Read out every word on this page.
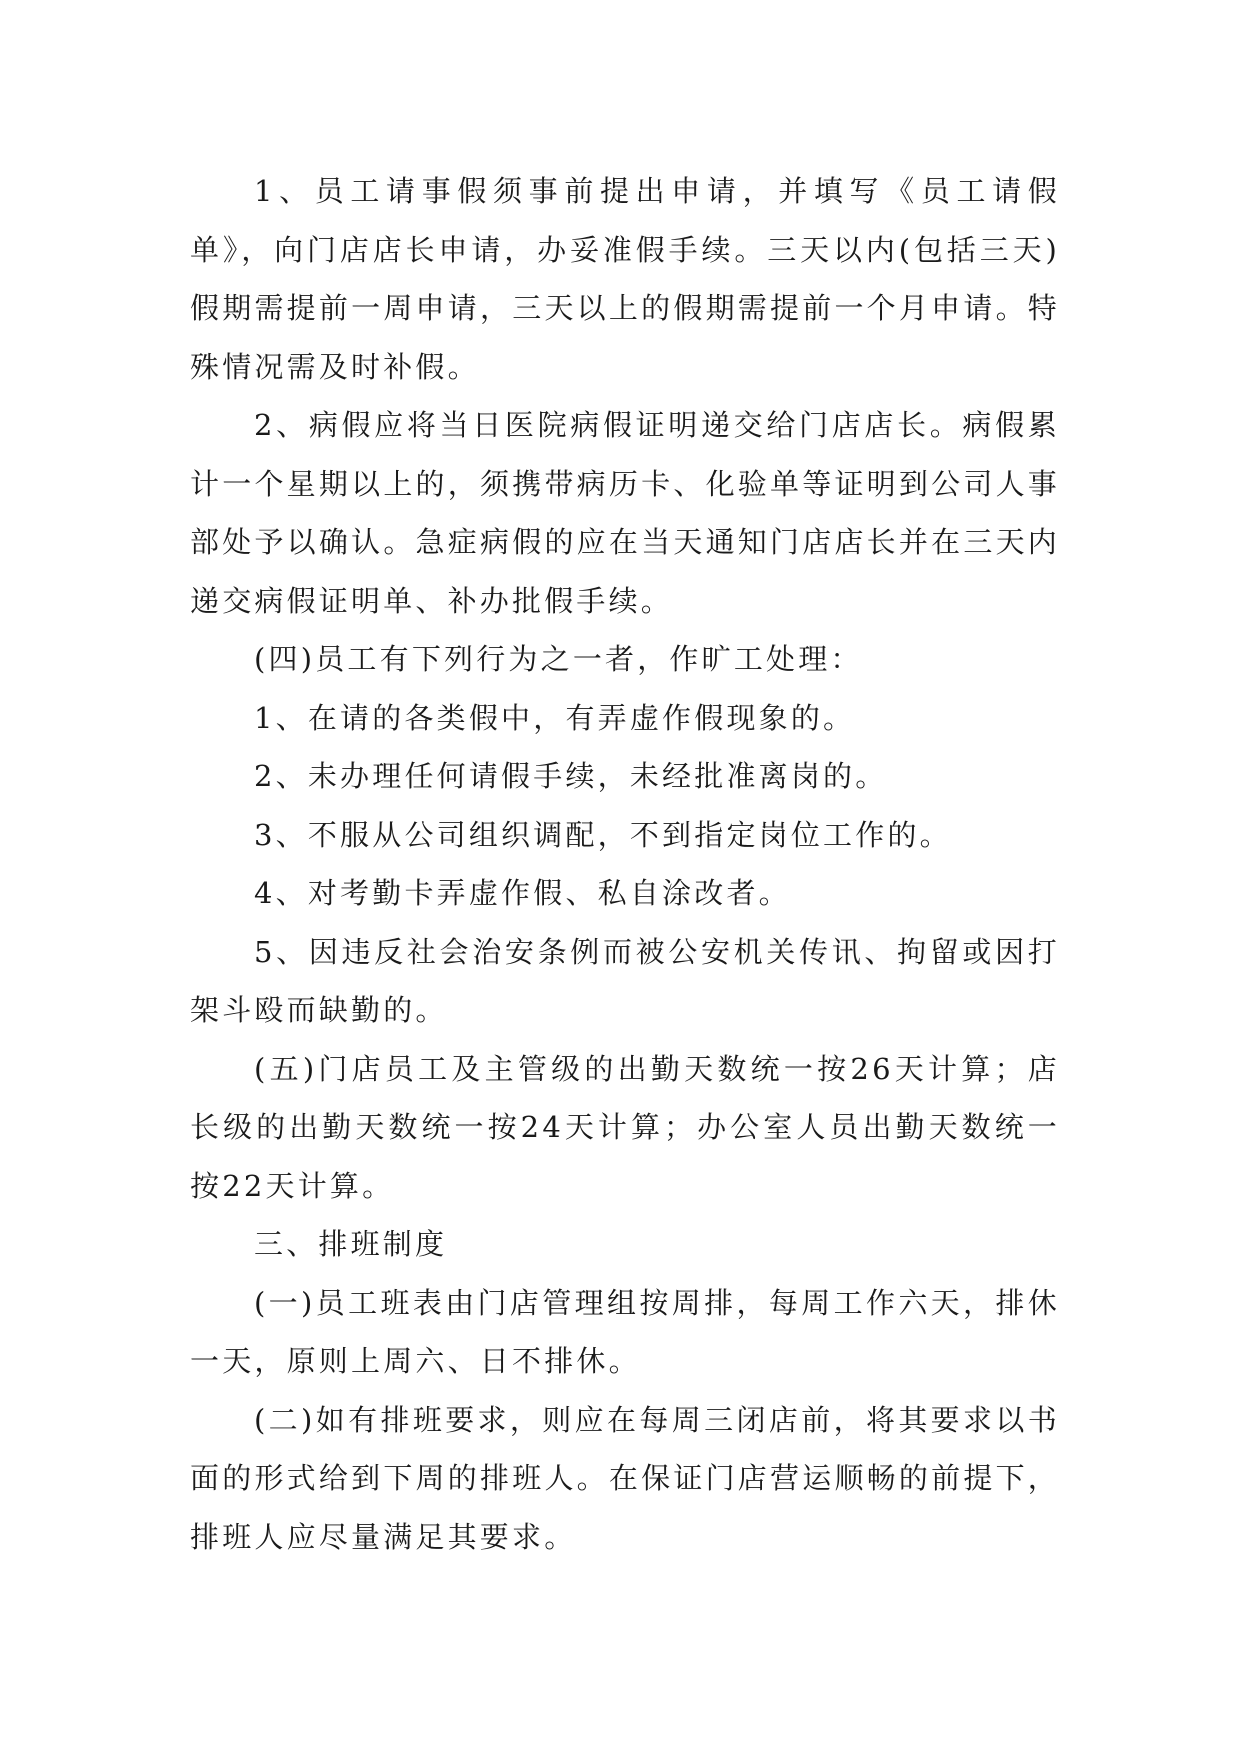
1、员工请事假须事前提出申请，并填写《员工请假单》，向门店店长申请，办妥准假手续。三天以内(包括三天)假期需提前一周申请，三天以上的假期需提前一个月申请。特殊情况需及时补假。

2、病假应将当日医院病假证明递交给门店店长。病假累计一个星期以上的，须携带病历卡、化验单等证明到公司人事部处予以确认。急症病假的应在当天通知门店店长并在三天内递交病假证明单、补办批假手续。

(四)员工有下列行为之一者，作旷工处理：

1、在请的各类假中，有弄虚作假现象的。

2、未办理任何请假手续，未经批准离岗的。

3、不服从公司组织调配，不到指定岗位工作的。

4、对考勤卡弄虚作假、私自涂改者。

5、因违反社会治安条例而被公安机关传讯、拘留或因打架斗殴而缺勤的。

(五)门店员工及主管级的出勤天数统一按26天计算；店长级的出勤天数统一按24天计算；办公室人员出勤天数统一按22天计算。

三、排班制度

(一)员工班表由门店管理组按周排，每周工作六天，排休一天，原则上周六、日不排休。

(二)如有排班要求，则应在每周三闭店前，将其要求以书面的形式给到下周的排班人。在保证门店营运顺畅的前提下，排班人应尽量满足其要求。
